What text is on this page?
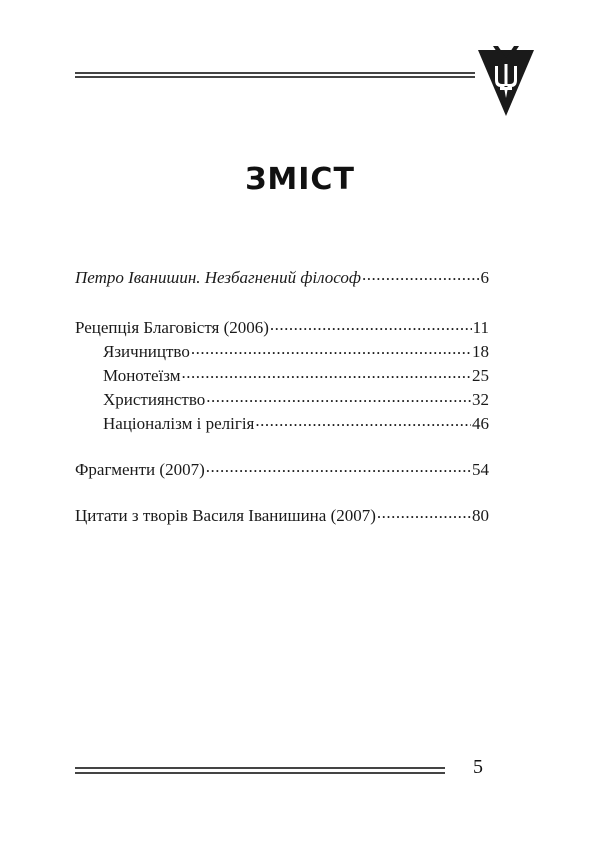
ЗМІСТ
Петро Іванишин. Незбагнений філософ .....	6
Рецепція Благовістя (2006) .....	11
Язичництво .....	18
Монотеїзм .....	25
Християнство .....	32
Націоналізм і релігія .....	46
Фрагменти (2007) .....	54
Цитати з творів Василя Іванишина (2007) .....	80
5
